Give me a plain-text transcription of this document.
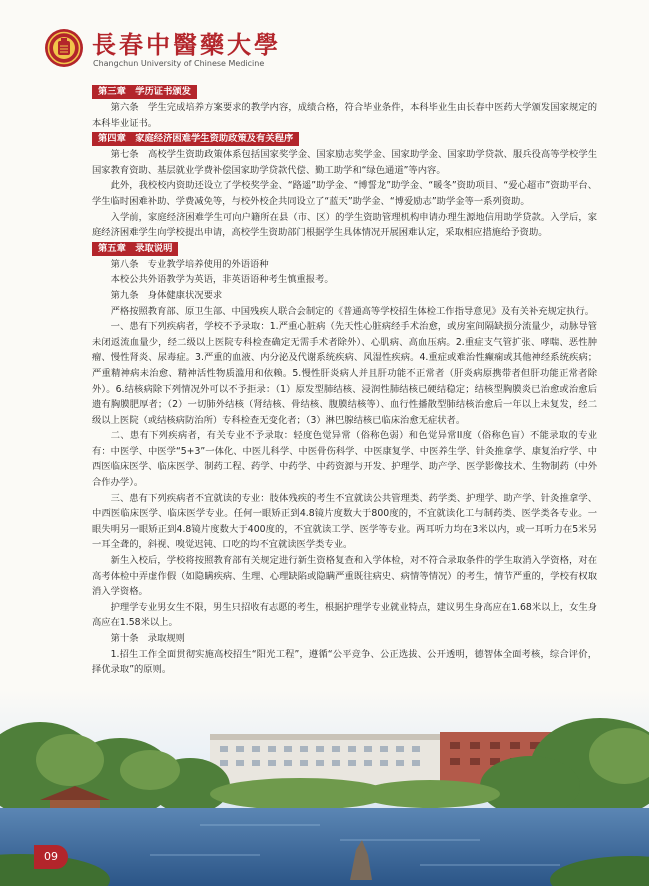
長春中醫藥大學
Changchun University of Chinese Medicine
第三章　学历证书颁发

第六条　学生完成培养方案要求的教学内容，成绩合格，符合毕业条件，本科毕业生由长春中医药大学颁发国家规定的本科毕业证书。

第四章　家庭经济困难学生资助政策及有关程序

第七条　高校学生资助政策体系包括国家奖学金、国家励志奖学金、国家助学金、国家助学贷款、服兵役高等学校学生国家教育资助、基层就业学费补偿国家助学贷款代偿、勤工助学和“绿色通道”等内容。

此外，我校校内资助还设立了学校奖学金、“路遥”助学金、“博誓龙”助学金、“暖冬”资助项目、“爱心超市”资助平台、学生临时困难补助、学费减免等，与校外校企共同设立了“蓝天”助学金、“博爱励志”助学金等一系列资助。

入学前，家庭经济困难学生可向户籍所在县（市、区）的学生资助管理机构申请办理生源地信用助学贷款。入学后，家庭经济困难学生向学校提出申请，高校学生资助部门根据学生具体情况开展困难认定，采取相应措施给予资助。

第五章　录取说明

第八条　专业教学培养使用的外语语种

本校公共外语教学为英语，非英语语种考生慎重报考。

第九条　身体健康状况要求

严格按照教育部、原卫生部、中国残疾人联合会制定的《普通高等学校招生体检工作指导意见》及有关补充规定执行。

一、患有下列疾病者，学校不予录取：1.严重心脏病（先天性心脏病经手术治愈，或房室间隔缺损分流量少，动脉导管未闭返流血量少，经二级以上医院专科检查确定无需手术者除外）、心肌病、高血压病。2.重症支气管扩张、哮喘、恶性肿瘤、慢性肾炎、尿毒症。3.严重的血液、内分泌及代谢系统疾病、风湿性疾病。4.重症或难治性癫痫或其他神经系统疾病；严重精神病未治愈、精神活性物质滥用和依赖。5.慢性肝炎病人并且肝功能不正常者（肝炎病原携带者但肝功能正常者除外）。6.结核病除下列情况外可以不予拒录：（1）原发型肺结核、浸润性肺结核已硬结稳定；结核型胸膜炎已治愈或治愈后遗有胸膜肥厚者；（2）一切肺外结核（肾结核、骨结核、腹膜结核等）、血行性播散型肺结核治愈后一年以上未复发，经二级以上医院（或结核病防治所）专科检查无变化者；（3）淋巴腺结核已临床治愈无症状者。

二、患有下列疾病者，有关专业不予录取：轻度色觉异常（俗称色弱）和色觉异常II度（俗称色盲）不能录取的专业有：中医学、中医学“5+3”一体化、中医儿科学、中医骨伤科学、中医康复学、中医养生学、针灸推拿学、康复治疗学、中西医临床医学、临床医学、制药工程、药学、中药学、中药资源与开发、护理学、助产学、医学影像技术、生物制药（中外合作办学）。

三、患有下列疾病者不宜就读的专业：肢体残疾的考生不宜就读公共管理类、药学类、护理学、助产学、针灸推拿学、中西医临床医学、临床医学专业。任何一眼矫正到4.8镜片度数大于800度的，不宜就读化工与制药类、医学类各专业。一眼失明另一眼矫正到4.8镜片度数大于400度的，不宜就读工学、医学等专业。两耳听力均在3米以内，或一耳听力在5米另一耳全聋的，斜视、嗅觉迟钝、口吃的均不宜就读医学类专业。

新生入校后，学校将按照教育部有关规定进行新生资格复查和入学体检，对不符合录取条件的学生取消入学资格，对在高考体检中弄虚作假（如隐瞒疾病、生理、心理缺陷或隐瞒严重既往病史、病情等情况）的考生，情节严重的，学校有权取消入学资格。

护理学专业男女生不限，男生只招收有志愿的考生，根据护理学专业就业特点，建议男生身高应在1.68米以上，女生身高应在1.58米以上。

第十条　录取规则

1.招生工作全面贯彻实施高校招生“阳光工程”，遵循“公平竞争、公正选拔、公开透明，德智体全面考核，综合评价，择优录取”的原则。

09
